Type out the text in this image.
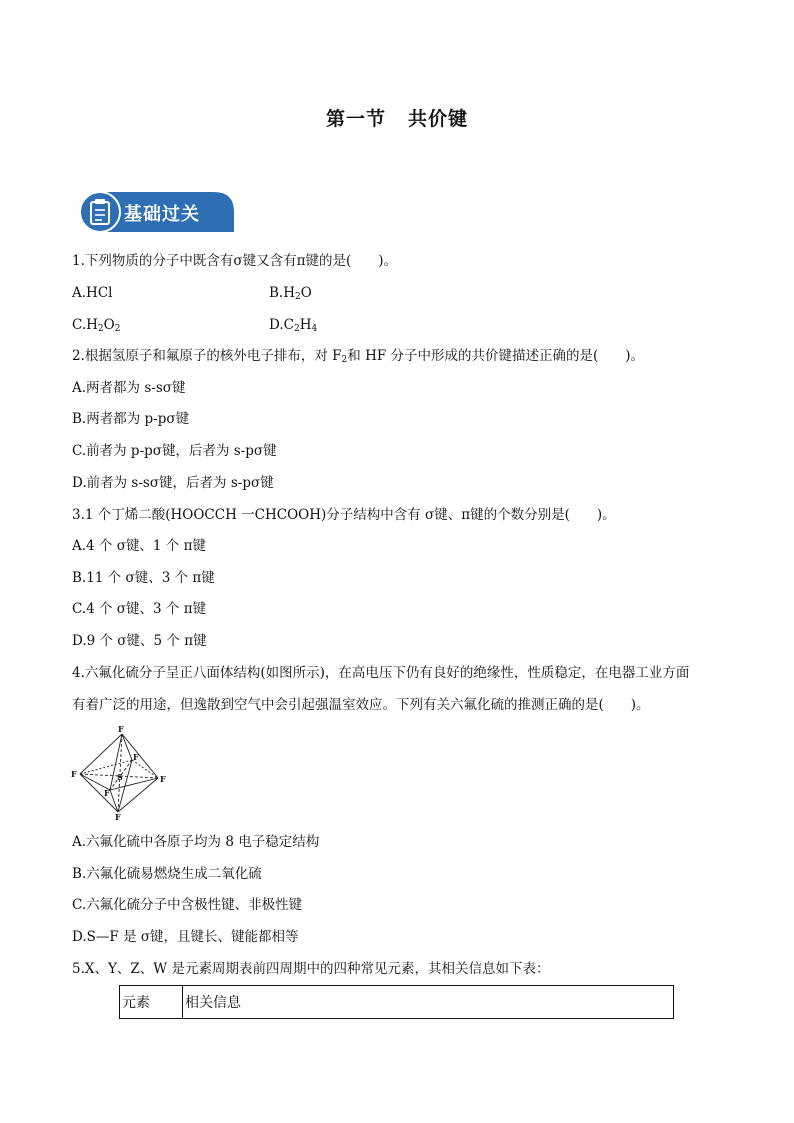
第一节 共价键
基础过关
1.下列物质的分子中既含有σ键又含有π键的是(　　)。
A.HCl	$B.H_2O$
$C.H_2O_2$	$D.C_2H_4$
2.根据氢原子和氟原子的核外电子排布，对 $F_2$和 HF 分子中形成的共价键描述正确的是(　　)。
A.两者都为 s-sσ键
B.两者都为 p-pσ键
C.前者为 p-pσ键，后者为 s-pσ键
D.前者为 s-sσ键，后者为 s-pσ键
3.1 个丁烯二酸(HOOCCH 一CHCOOH)分子结构中含有 σ键、π键的个数分别是(　　)。
A.4 个 σ键、1 个 π键
B.11 个 σ键、3 个 π键
C.4 个 σ键、3 个 π键
D.9 个 σ键、5 个 π键
4.六氟化硫分子呈正八面体结构(如图所示)，在高电压下仍有良好的绝缘性，性质稳定，在电器工业方面
有着广泛的用途，但逸散到空气中会引起强温室效应。下列有关六氟化硫的推测正确的是(　　)。
F
F	F
F
F
F
S
A.六氟化硫中各原子均为 8 电子稳定结构
B.六氟化硫易燃烧生成二氧化硫
C.六氟化硫分子中含极性键、非极性键
D.S—F 是 σ键，且键长、键能都相等
5.X、Y、Z、W 是元素周期表前四周期中的四种常见元素，其相关信息如下表：
元素	相关信息
